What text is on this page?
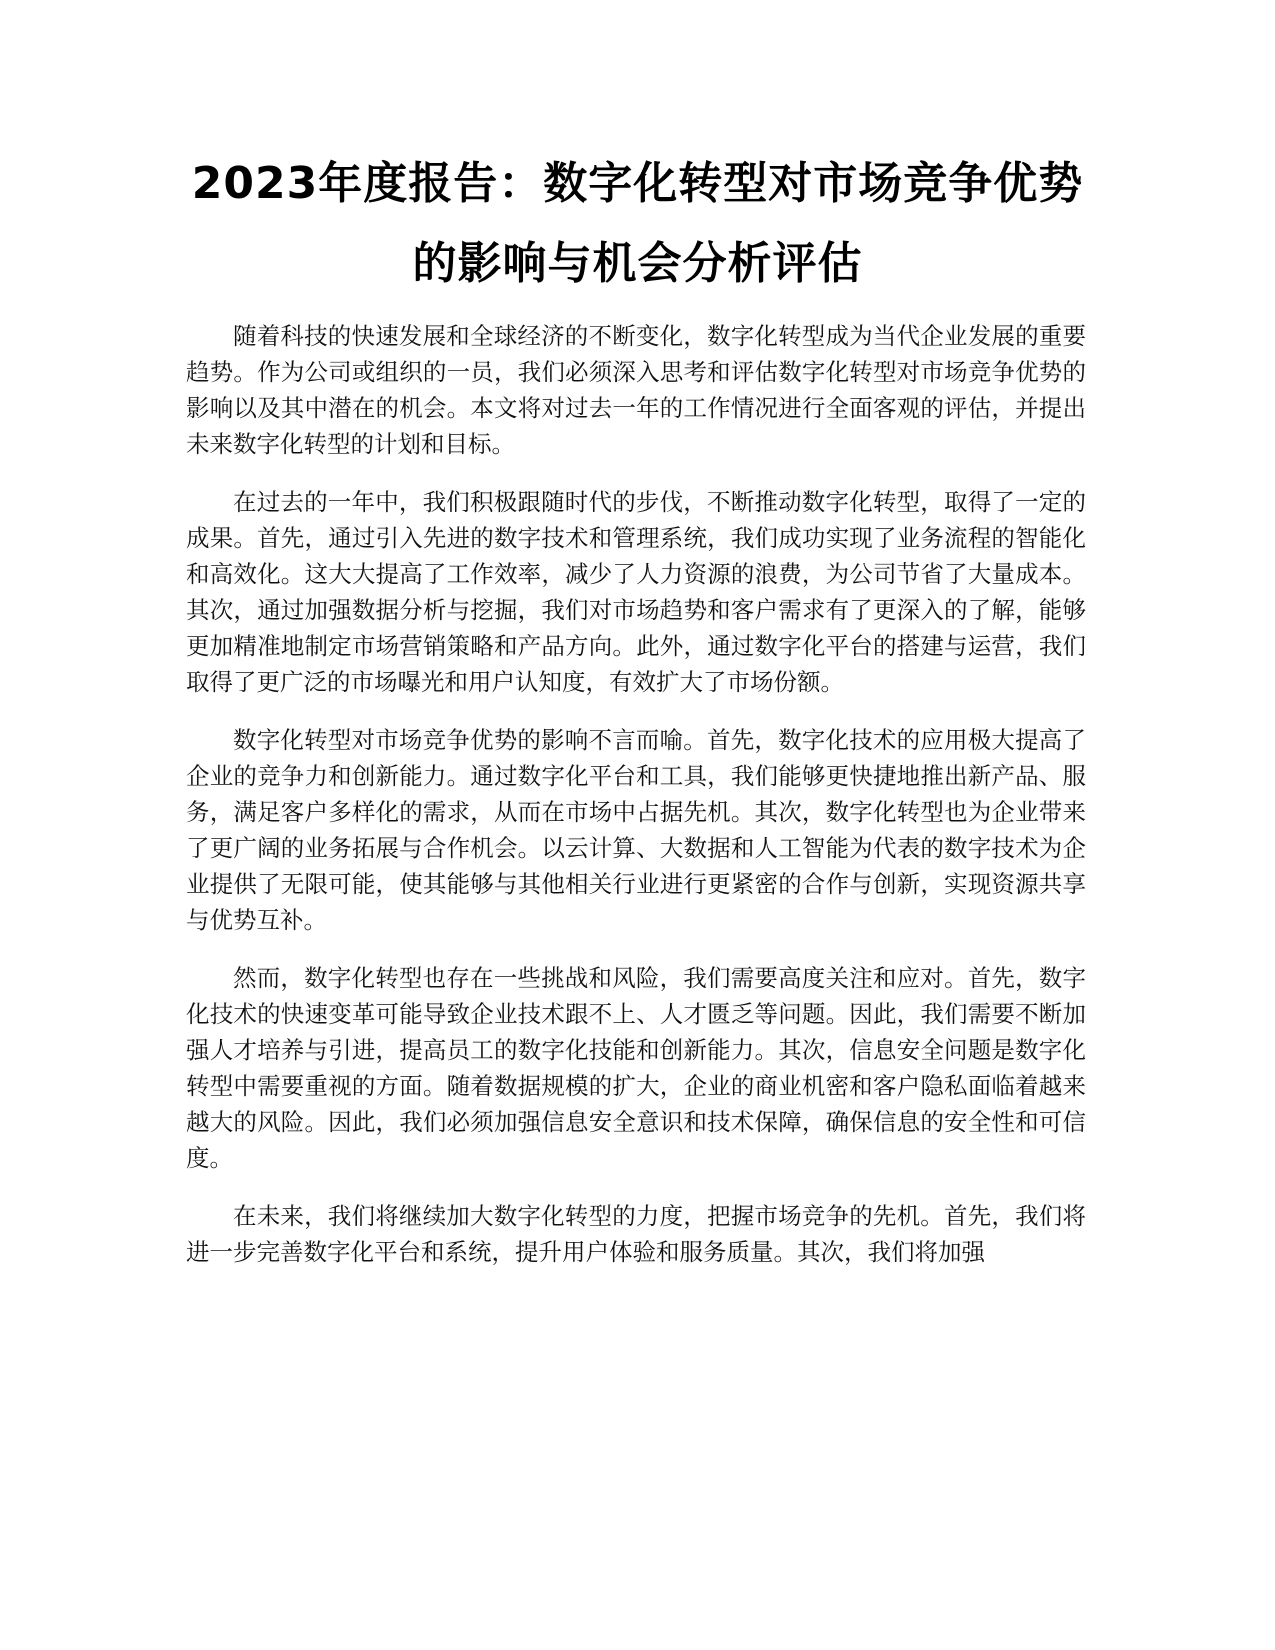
2023年度报告：数字化转型对市场竞争优势
的影响与机会分析评估

随着科技的快速发展和全球经济的不断变化，数字化转型成为当代企业发展的重要趋势。作为公司或组织的一员，我们必须深入思考和评估数字化转型对市场竞争优势的影响以及其中潜在的机会。本文将对过去一年的工作情况进行全面客观的评估，并提出未来数字化转型的计划和目标。

在过去的一年中，我们积极跟随时代的步伐，不断推动数字化转型，取得了一定的成果。首先，通过引入先进的数字技术和管理系统，我们成功实现了业务流程的智能化和高效化。这大大提高了工作效率，减少了人力资源的浪费，为公司节省了大量成本。其次，通过加强数据分析与挖掘，我们对市场趋势和客户需求有了更深入的了解，能够更加精准地制定市场营销策略和产品方向。此外，通过数字化平台的搭建与运营，我们取得了更广泛的市场曝光和用户认知度，有效扩大了市场份额。

数字化转型对市场竞争优势的影响不言而喻。首先，数字化技术的应用极大提高了企业的竞争力和创新能力。通过数字化平台和工具，我们能够更快捷地推出新产品、服务，满足客户多样化的需求，从而在市场中占据先机。其次，数字化转型也为企业带来了更广阔的业务拓展与合作机会。以云计算、大数据和人工智能为代表的数字技术为企业提供了无限可能，使其能够与其他相关行业进行更紧密的合作与创新，实现资源共享与优势互补。

然而，数字化转型也存在一些挑战和风险，我们需要高度关注和应对。首先，数字化技术的快速变革可能导致企业技术跟不上、人才匮乏等问题。因此，我们需要不断加强人才培养与引进，提高员工的数字化技能和创新能力。其次，信息安全问题是数字化转型中需要重视的方面。随着数据规模的扩大，企业的商业机密和客户隐私面临着越来越大的风险。因此，我们必须加强信息安全意识和技术保障，确保信息的安全性和可信度。

在未来，我们将继续加大数字化转型的力度，把握市场竞争的先机。首先，我们将进一步完善数字化平台和系统，提升用户体验和服务质量。其次，我们将加强
